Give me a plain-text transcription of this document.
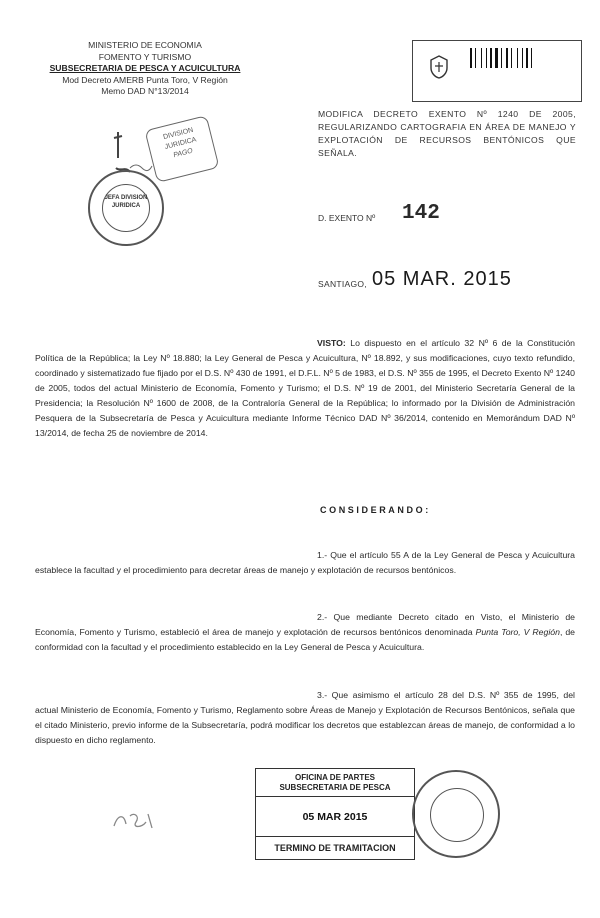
MINISTERIO DE ECONOMIA
FOMENTO Y TURISMO
SUBSECRETARIA DE PESCA Y ACUICULTURA
Mod Decreto AMERB Punta Toro, V Región
Memo DAD N°13/2014
DIVISION JURIDICA
PAGO
JEFA DIVISION JURIDICA
MODIFICA DECRETO EXENTO Nº 1240 DE 2005, REGULARIZANDO CARTOGRAFIA EN ÁREA DE MANEJO Y EXPLOTACIÓN DE RECURSOS BENTÓNICOS QUE SEÑALA.
D. EXENTO Nº 142
SANTIAGO, 05 MAR. 2015
VISTO: Lo dispuesto en el artículo 32 Nº 6 de la Constitución Política de la República; la Ley Nº 18.880; la Ley General de Pesca y Acuicultura, Nº 18.892, y sus modificaciones, cuyo texto refundido, coordinado y sistematizado fue fijado por el D.S. Nº 430 de 1991, el D.F.L. Nº 5 de 1983, el D.S. Nº 355 de 1995, el Decreto Exento Nº 1240 de 2005, todos del actual Ministerio de Economía, Fomento y Turismo; el D.S. Nº 19 de 2001, del Ministerio Secretaría General de la Presidencia; la Resolución Nº 1600 de 2008, de la Contraloría General de la República; lo informado por la División de Administración Pesquera de la Subsecretaría de Pesca y Acuicultura mediante Informe Técnico DAD Nº 36/2014, contenido en Memorándum DAD Nº 13/2014, de fecha 25 de noviembre de 2014.
CONSIDERANDO:
1.- Que el artículo 55 A de la Ley General de Pesca y Acuicultura establece la facultad y el procedimiento para decretar áreas de manejo y explotación de recursos bentónicos.
2.- Que mediante Decreto citado en Visto, el Ministerio de Economía, Fomento y Turismo, estableció el área de manejo y explotación de recursos bentónicos denominada Punta Toro, V Región, de conformidad con la facultad y el procedimiento establecido en la Ley General de Pesca y Acuicultura.
3.- Que asimismo el artículo 28 del D.S. Nº 355 de 1995, del actual Ministerio de Economía, Fomento y Turismo, Reglamento sobre Áreas de Manejo y Explotación de Recursos Bentónicos, señala que el citado Ministerio, previo informe de la Subsecretaría, podrá modificar los decretos que establezcan áreas de manejo, de conformidad a lo dispuesto en dicho reglamento.
OFICINA DE PARTES
SUBSECRETARIA DE PESCA
05 MAR 2015
TERMINO DE TRAMITACION
